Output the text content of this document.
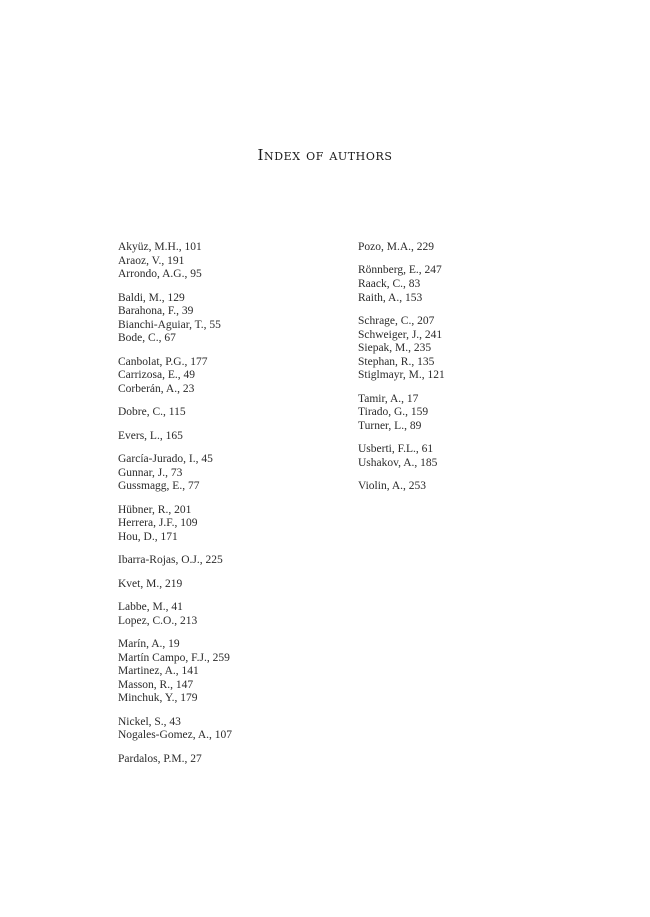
Index of authors
Akyüz, M.H., 101
Araoz, V., 191
Arrondo, A.G., 95
Baldi, M., 129
Barahona, F., 39
Bianchi-Aguiar, T., 55
Bode, C., 67
Canbolat, P.G., 177
Carrizosa, E., 49
Corberán, A., 23
Dobre, C., 115
Evers, L., 165
García-Jurado, I., 45
Gunnar, J., 73
Gussmagg, E., 77
Hübner, R., 201
Herrera, J.F., 109
Hou, D., 171
Ibarra-Rojas, O.J., 225
Kvet, M., 219
Labbe, M., 41
Lopez, C.O., 213
Marín, A., 19
Martín Campo, F.J., 259
Martinez, A., 141
Masson, R., 147
Minchuk, Y., 179
Nickel, S., 43
Nogales-Gomez, A., 107
Pardalos, P.M., 27
Pozo, M.A., 229
Rönnberg, E., 247
Raack, C., 83
Raith, A., 153
Schrage, C., 207
Schweiger, J., 241
Siepak, M., 235
Stephan, R., 135
Stiglmayr, M., 121
Tamir, A., 17
Tirado, G., 159
Turner, L., 89
Usberti, F.L., 61
Ushakov, A., 185
Violin, A., 253
